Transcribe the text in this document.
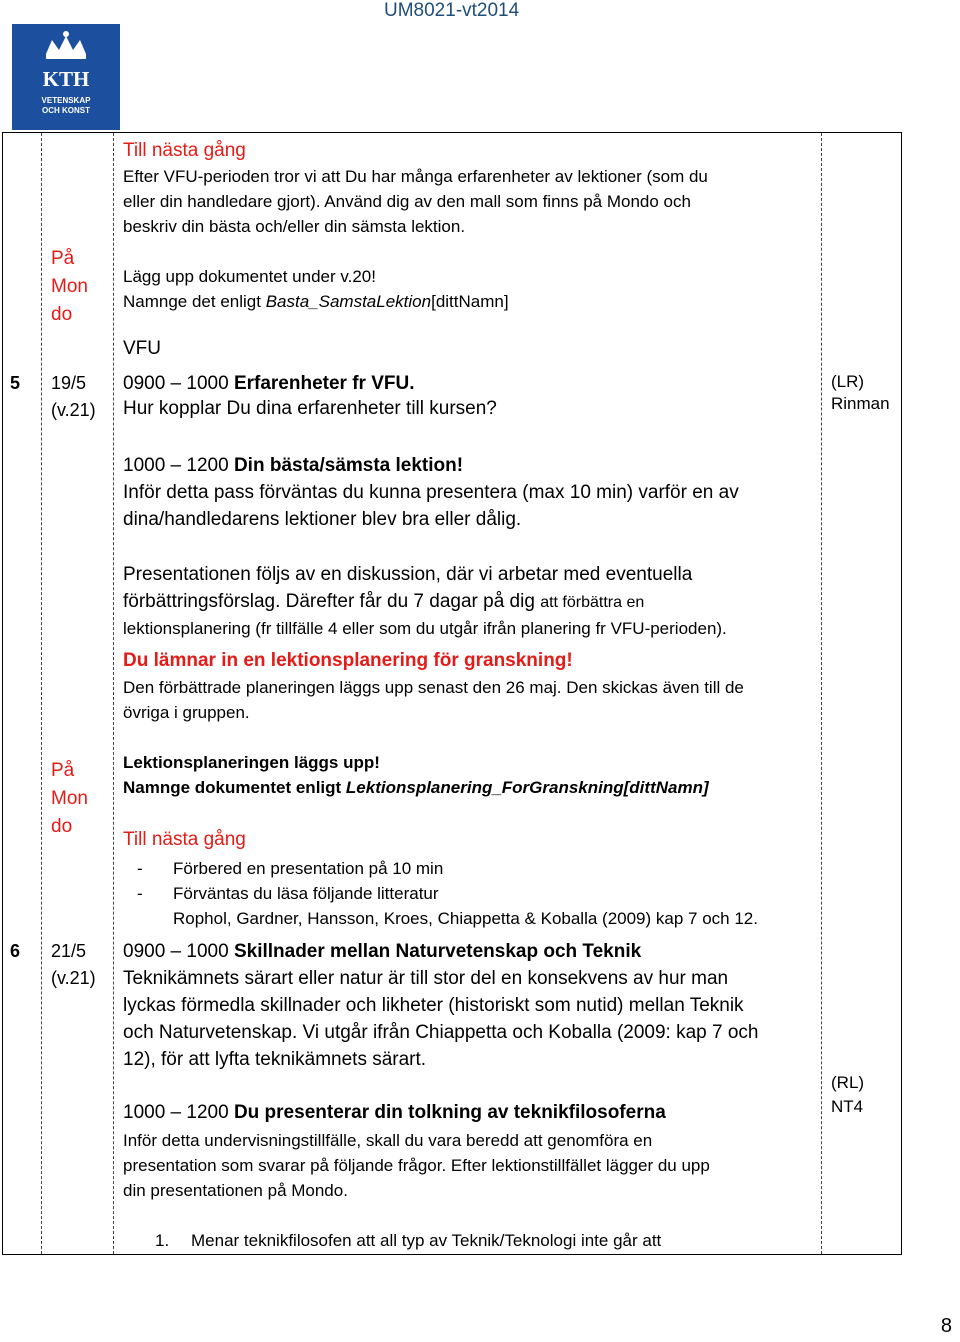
UM8021-vt2014
KTH
VETENSKAP
OCH KONST
På
Mon
do
5 19/5
(v.21)
(LR)
Rinman
Till nästa gång
Efter VFU-perioden tror vi att Du har många erfarenheter av lektioner (som du
eller din handledare gjort). Använd dig av den mall som finns på Mondo och
beskriv din bästa och/eller din sämsta lektion.
Lägg upp dokumentet under v.20!
Namnge det enligt Basta_SamstaLektion[dittNamn]
VFU
0900 – 1000 Erfarenheter fr VFU.
Hur kopplar Du dina erfarenheter till kursen?
1000 – 1200 Din bästa/sämsta lektion!
Inför detta pass förväntas du kunna presentera (max 10 min) varför en av
dina/handledarens lektioner blev bra eller dålig.
Presentationen följs av en diskussion, där vi arbetar med eventuella
förbättringsförslag. Därefter får du 7 dagar på dig att förbättra en
lektionsplanering (fr tillfälle 4 eller som du utgår ifrån planering fr VFU-perioden).
Du lämnar in en lektionsplanering för granskning!
Den förbättrade planeringen läggs upp senast den 26 maj. Den skickas även till de
övriga i gruppen.
På
Mon
do
6 21/5
(v.21)
(RL)
NT4
Lektionsplaneringen läggs upp!
Namnge dokumentet enligt Lektionsplanering_ForGranskning[dittNamn]
Till nästa gång
- Förbered en presentation på 10 min
- Förväntas du läsa följande litteratur
Rophol, Gardner, Hansson, Kroes, Chiappetta & Koballa (2009) kap 7 och 12.
0900 – 1000 Skillnader mellan Naturvetenskap och Teknik
Teknikämnets särart eller natur är till stor del en konsekvens av hur man
lyckas förmedla skillnader och likheter (historiskt som nutid) mellan Teknik
och Naturvetenskap. Vi utgår ifrån Chiappetta och Koballa (2009: kap 7 och
12), för att lyfta teknikämnets särart.
1000 – 1200 Du presenterar din tolkning av teknikfilosoferna
Inför detta undervisningstillfälle, skall du vara beredd att genomföra en
presentation som svarar på följande frågor. Efter lektionstillfället lägger du upp
din presentationen på Mondo.
1. Menar teknikfilosofen att all typ av Teknik/Teknologi inte går att
8
